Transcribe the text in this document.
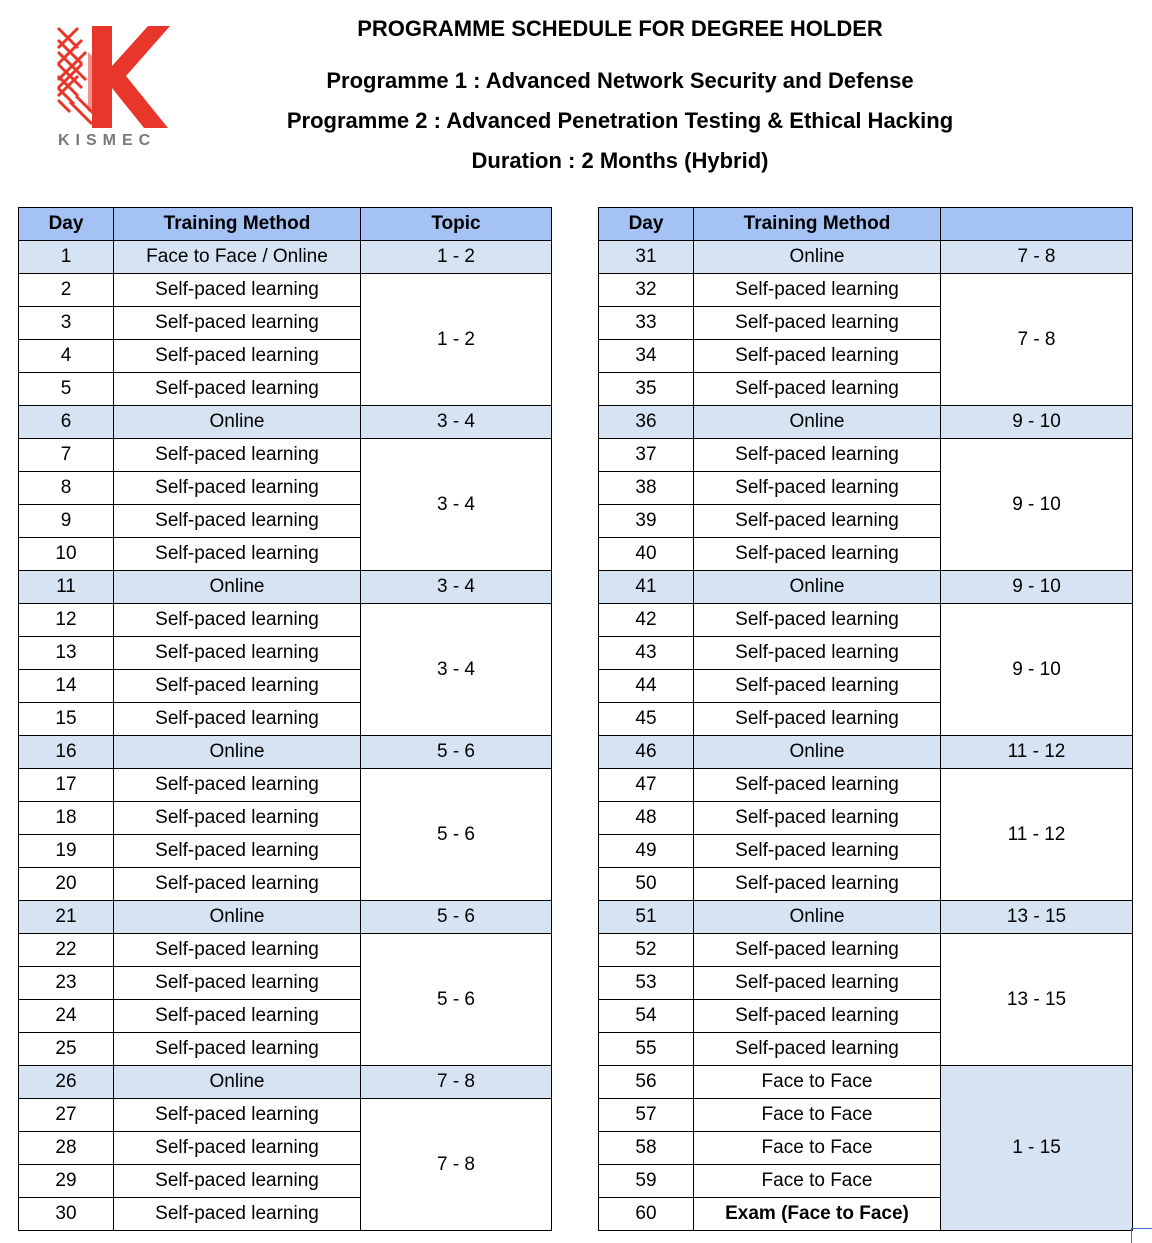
KISMEC
PROGRAMME SCHEDULE FOR DEGREE HOLDER
Programme 1 : Advanced Network Security and Defense
Programme 2 : Advanced Penetration Testing & Ethical Hacking
Duration : 2 Months (Hybrid)
Day	Training Method	Topic
1	Face to Face / Online	1 - 2
2	Self-paced learning	1 - 2
3	Self-paced learning	
4	Self-paced learning	
5	Self-paced learning	
6	Online	3 - 4
7	Self-paced learning	3 - 4
8	Self-paced learning	
9	Self-paced learning	
10	Self-paced learning	
11	Online	3 - 4
12	Self-paced learning	3 - 4
13	Self-paced learning	
14	Self-paced learning	
15	Self-paced learning	
16	Online	5 - 6
17	Self-paced learning	5 - 6
18	Self-paced learning	
19	Self-paced learning	
20	Self-paced learning	
21	Online	5 - 6
22	Self-paced learning	5 - 6
23	Self-paced learning	
24	Self-paced learning	
25	Self-paced learning	
26	Online	7 - 8
27	Self-paced learning	7 - 8
28	Self-paced learning	
29	Self-paced learning	
30	Self-paced learning	
Day	Training Method	
31	Online	7 - 8
32	Self-paced learning	7 - 8
33	Self-paced learning	
34	Self-paced learning	
35	Self-paced learning	
36	Online	9 - 10
37	Self-paced learning	9 - 10
38	Self-paced learning	
39	Self-paced learning	
40	Self-paced learning	
41	Online	9 - 10
42	Self-paced learning	9 - 10
43	Self-paced learning	
44	Self-paced learning	
45	Self-paced learning	
46	Online	11 - 12
47	Self-paced learning	11 - 12
48	Self-paced learning	
49	Self-paced learning	
50	Self-paced learning	
51	Online	13 - 15
52	Self-paced learning	13 - 15
53	Self-paced learning	
54	Self-paced learning	
55	Self-paced learning	
56	Face to Face	1 - 15
57	Face to Face	
58	Face to Face	
59	Face to Face	
60	Exam (Face to Face)	
